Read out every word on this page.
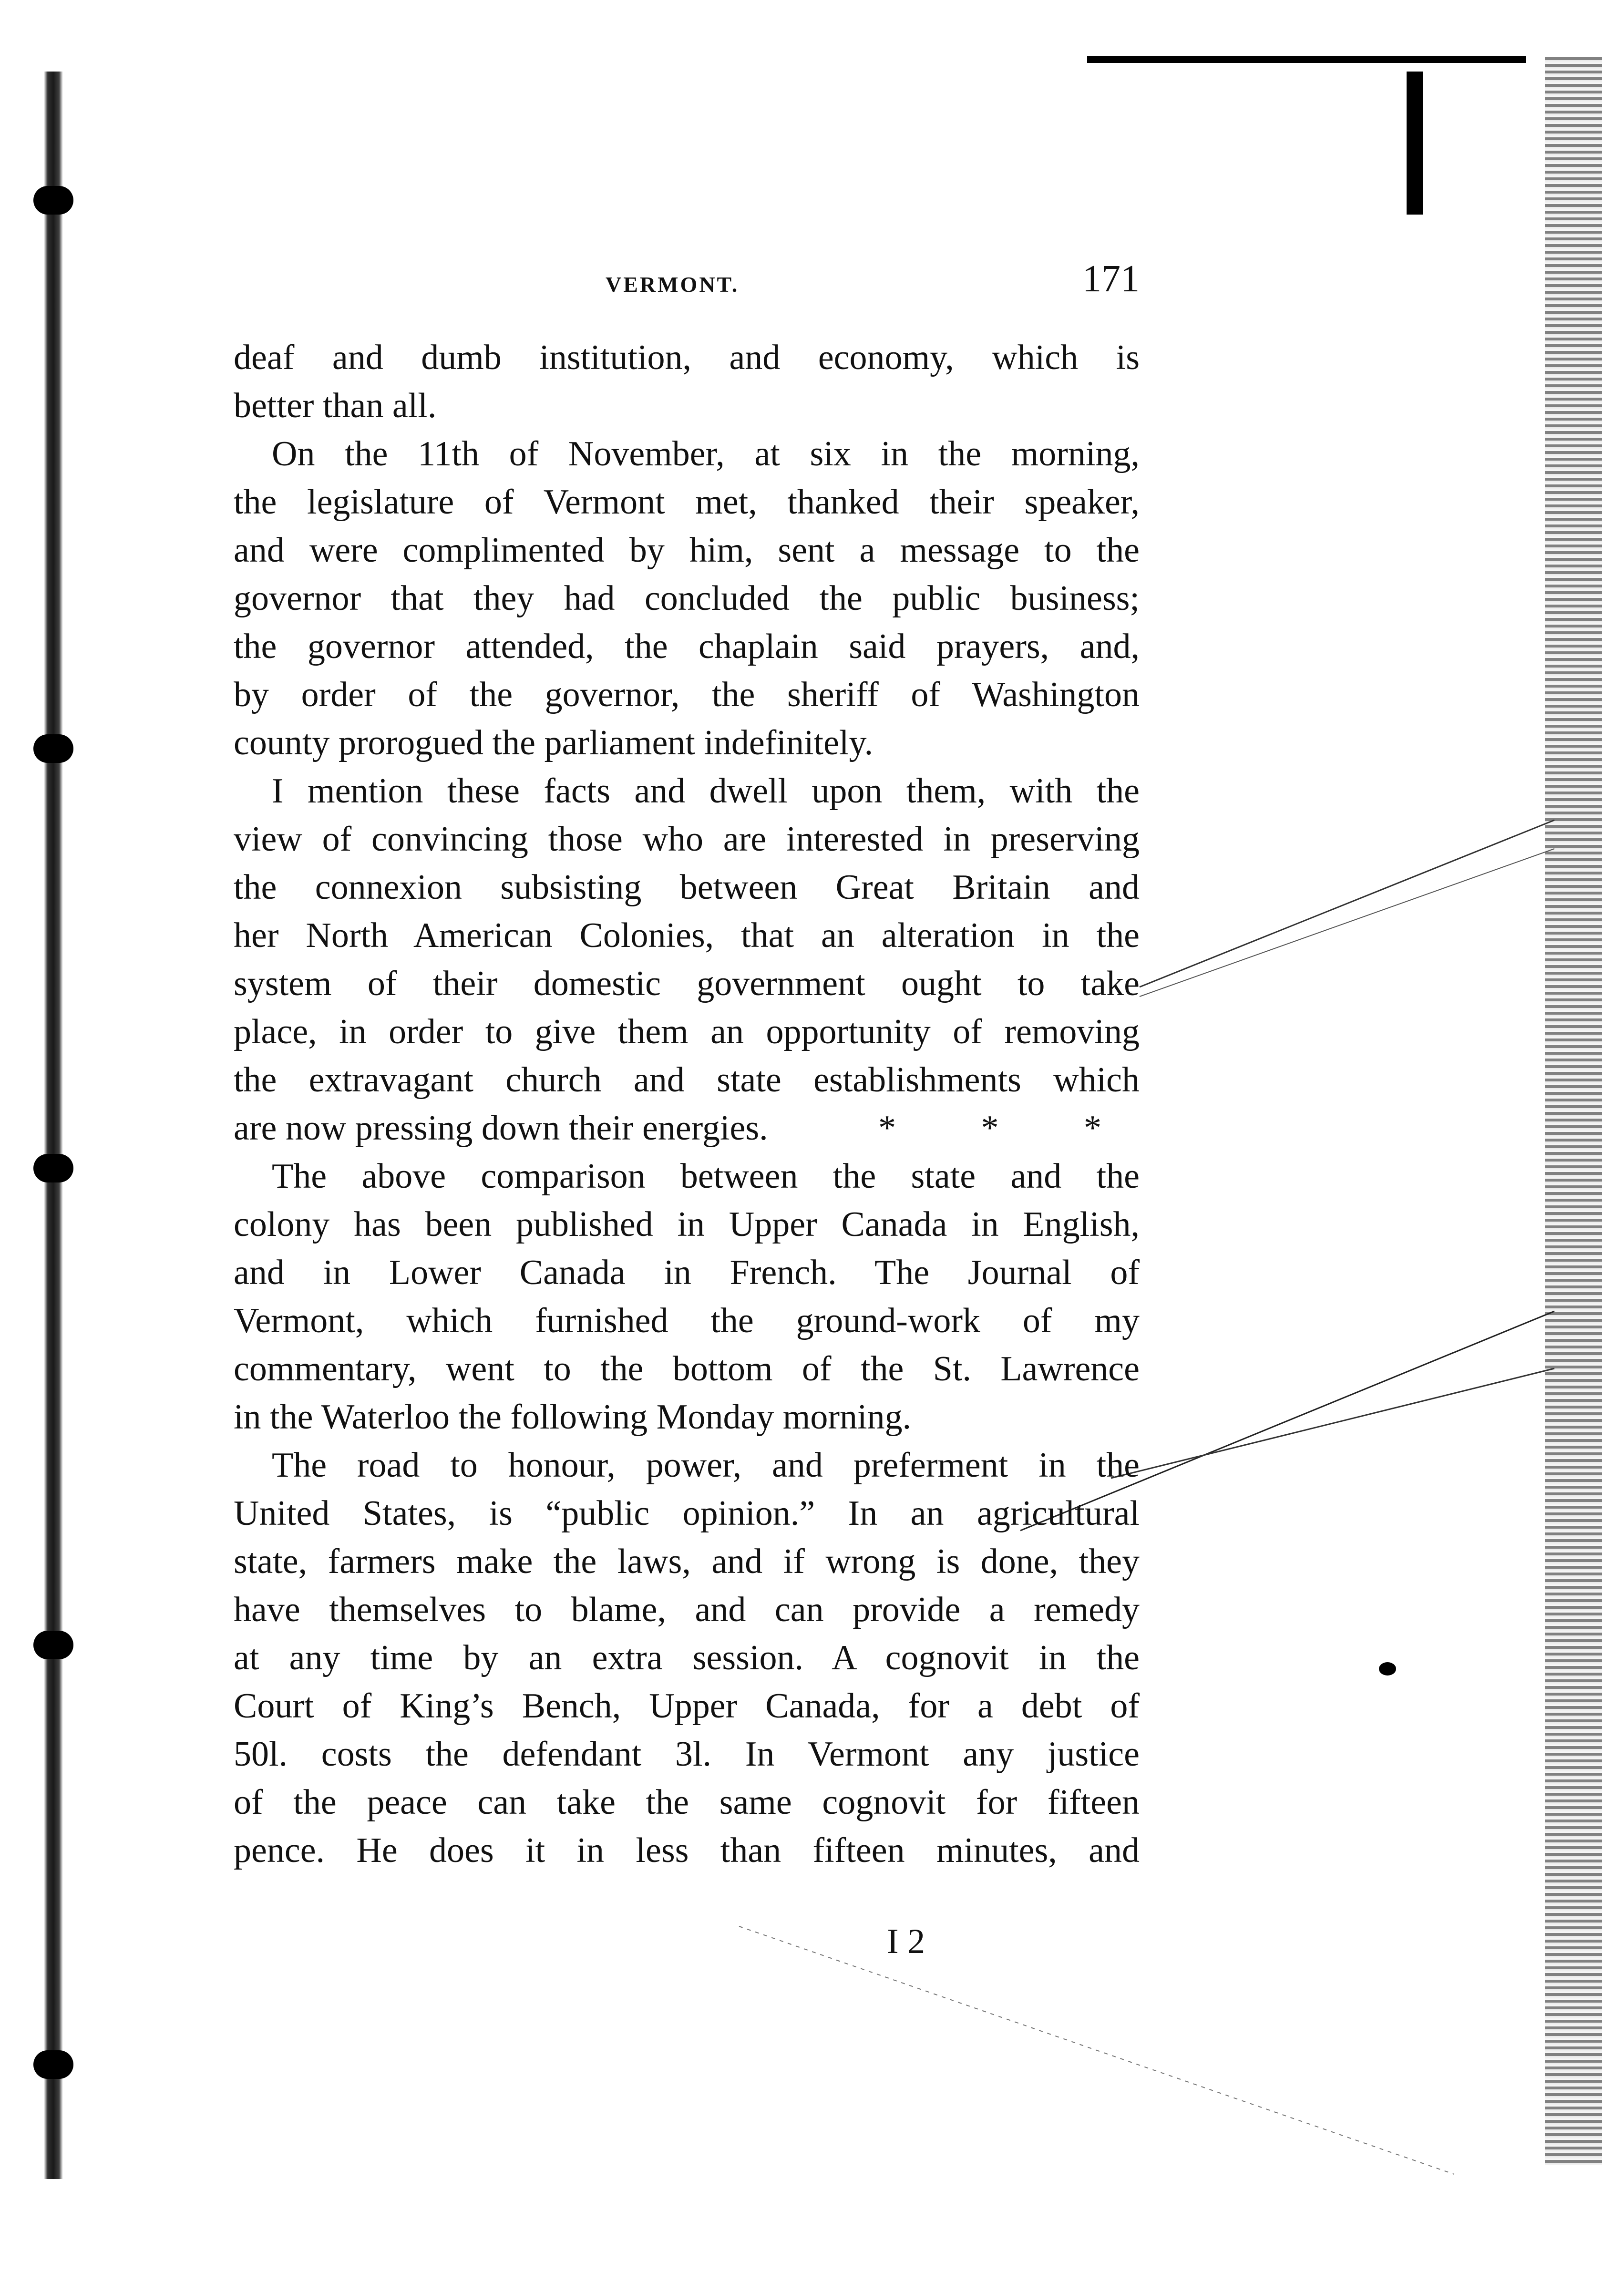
VERMONT.	171
deaf and dumb institution, and economy, which is
better than all.
On the 11th of November, at six in the morning,
the legislature of Vermont met, thanked their speaker,
and were complimented by him, sent a message to the
governor that they had concluded the public business;
the governor attended, the chaplain said prayers, and,
by order of the governor, the sheriff of Washington
county prorogued the parliament indefinitely.
I mention these facts and dwell upon them, with the
view of convincing those who are interested in preserving
the connexion subsisting between Great Britain and
her North American Colonies, that an alteration in the
system of their domestic government ought to take
place, in order to give them an opportunity of removing
the extravagant church and state establishments which
are now pressing down their energies.	* * *
The above comparison between the state and the
colony has been published in Upper Canada in English,
and in Lower Canada in French. The Journal of
Vermont, which furnished the ground-work of my
commentary, went to the bottom of the St. Lawrence
in the Waterloo the following Monday morning.
The road to honour, power, and preferment in the
United States, is “public opinion.” In an agricultural
state, farmers make the laws, and if wrong is done, they
have themselves to blame, and can provide a remedy
at any time by an extra session. A cognovit in the
Court of King’s Bench, Upper Canada, for a debt of
50l. costs the defendant 3l. In Vermont any justice
of the peace can take the same cognovit for fifteen
pence. He does it in less than fifteen minutes, and
I 2
